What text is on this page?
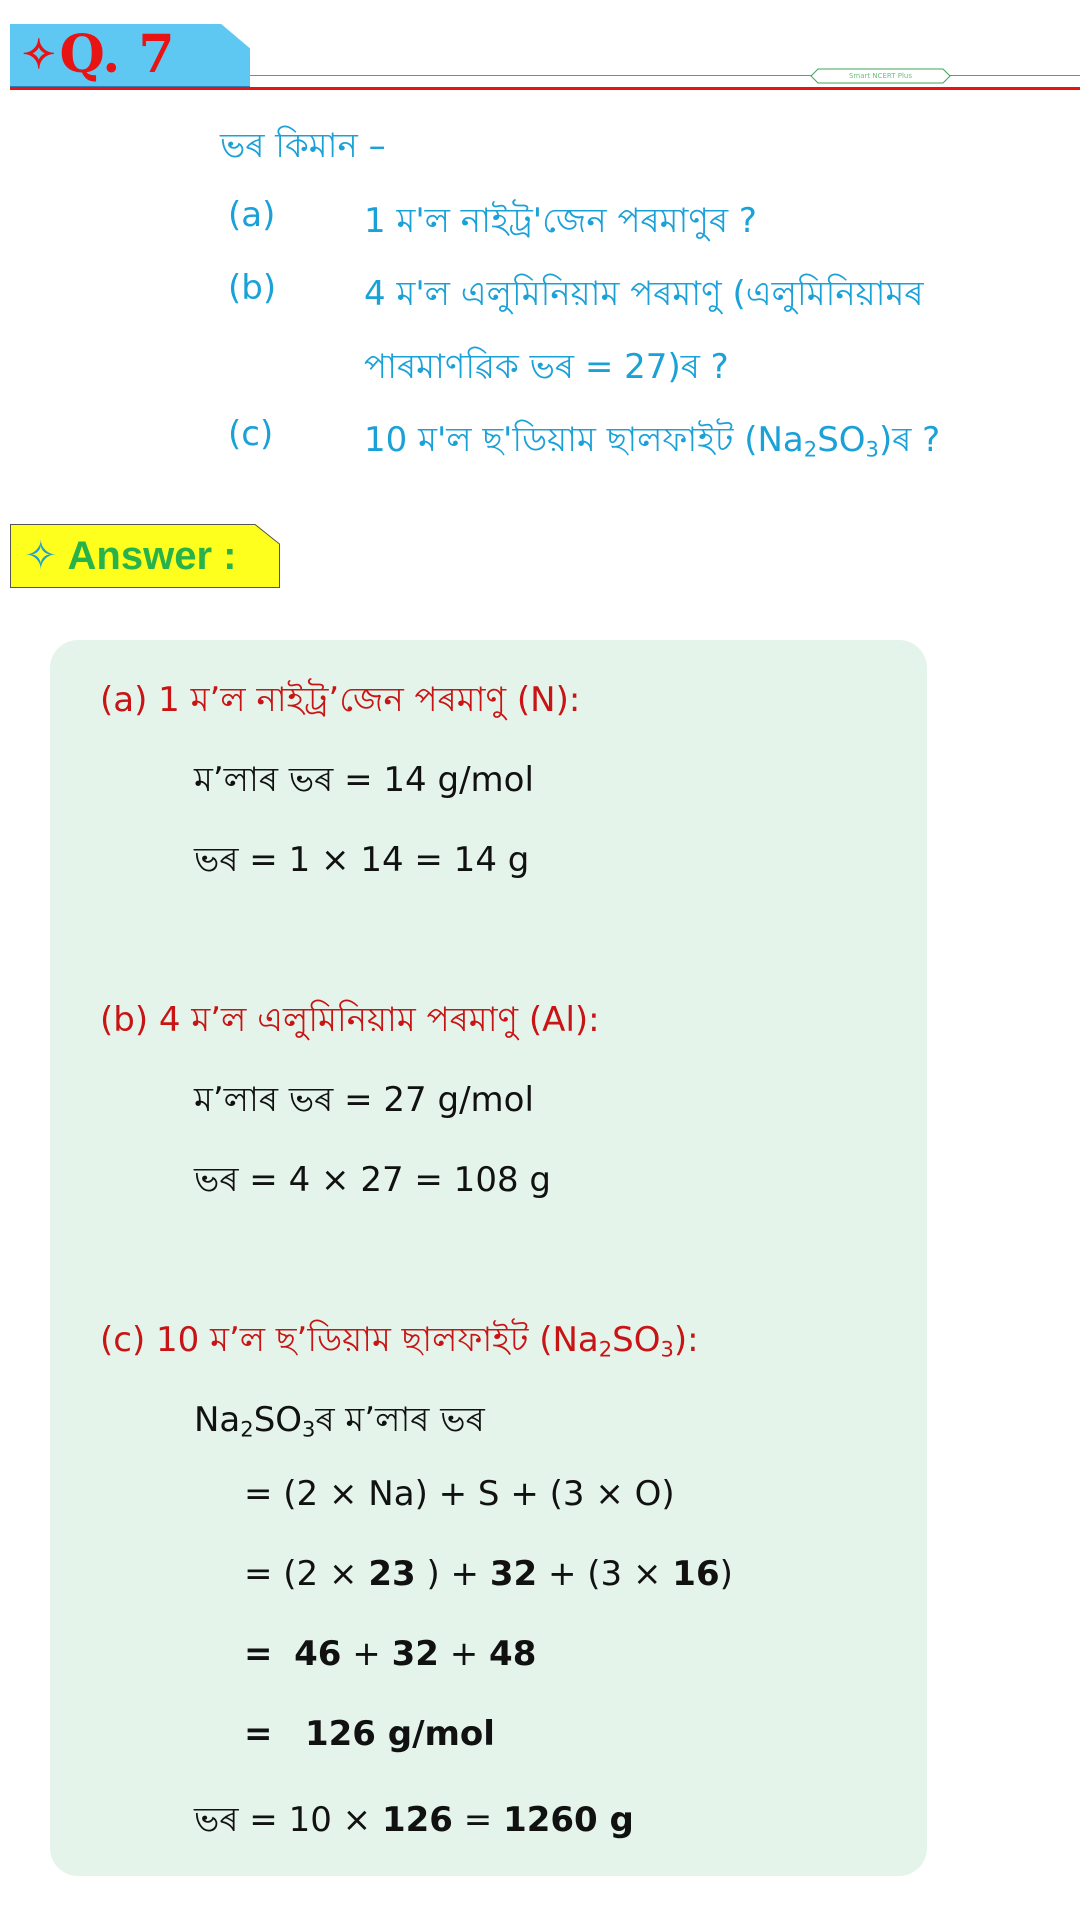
✧Q. 7	Smart NCERT Plus
ভৰ কিমান –
(a)	1 ম'ল নাইট্ৰ'জেন পৰমাণুৰ ?
(b)	4 ম'ল এলুমিনিয়াম পৰমাণু (এলুমিনিয়ামৰ
পাৰমাণৱিক ভৰ = 27)ৰ ?
(c)	10 ম'ল ছ'ডিয়াম ছালফাইট $(Na_2SO_3)ৰ$ ?
✧ Answer :
(a) 1 ম’ল নাইট্ৰ’জেন পৰমাণু (N):
ম’লাৰ ভৰ = 14 g/mol
ভৰ = 1 × 14 = 14 g
(b) 4 ম’ল এলুমিনিয়াম পৰমাণু (Al):
ম’লাৰ ভৰ = 27 g/mol
ভৰ = 4 × 27 = 108 g
(c) 10 ম’ল ছ’ডিয়াম ছালফাইট $(Na_2SO_3)$:
$Na_2SO_3ৰ$ ম’লাৰ ভৰ
= (2 × Na) + S + (3 × O)
= (2 × 23 ) + 32 + (3 × 16)
= 46 + 32 + 48
= 126 g/mol
ভৰ = 10 × 126 = 1260 g
